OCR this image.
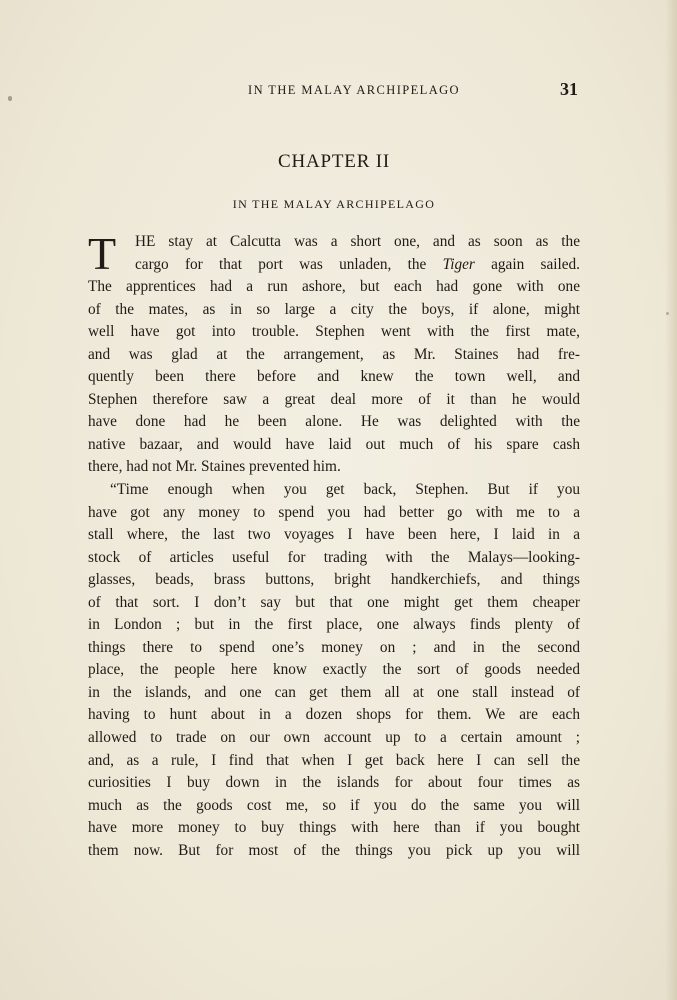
IN THE MALAY ARCHIPELAGO	31
CHAPTER II
IN THE MALAY ARCHIPELAGO
T	HE stay at Calcutta was a short one, and as soon as the
cargo for that port was unladen, the Tiger again sailed.
The apprentices had a run ashore, but each had gone with one
of the mates, as in so large a city the boys, if alone, might
well have got into trouble. Stephen went with the first mate,
and was glad at the arrangement, as Mr. Staines had fre-
quently been there before and knew the town well, and
Stephen therefore saw a great deal more of it than he would
have done had he been alone. He was delighted with the
native bazaar, and would have laid out much of his spare cash
there, had not Mr. Staines prevented him.
“Time enough when you get back, Stephen. But if you
have got any money to spend you had better go with me to a
stall where, the last two voyages I have been here, I laid in a
stock of articles useful for trading with the Malays—looking-
glasses, beads, brass buttons, bright handkerchiefs, and things
of that sort. I don’t say but that one might get them cheaper
in London ; but in the first place, one always finds plenty of
things there to spend one’s money on ; and in the second
place, the people here know exactly the sort of goods needed
in the islands, and one can get them all at one stall instead of
having to hunt about in a dozen shops for them. We are each
allowed to trade on our own account up to a certain amount ;
and, as a rule, I find that when I get back here I can sell the
curiosities I buy down in the islands for about four times as
much as the goods cost me, so if you do the same you will
have more money to buy things with here than if you bought
them now. But for most of the things you pick up you will
